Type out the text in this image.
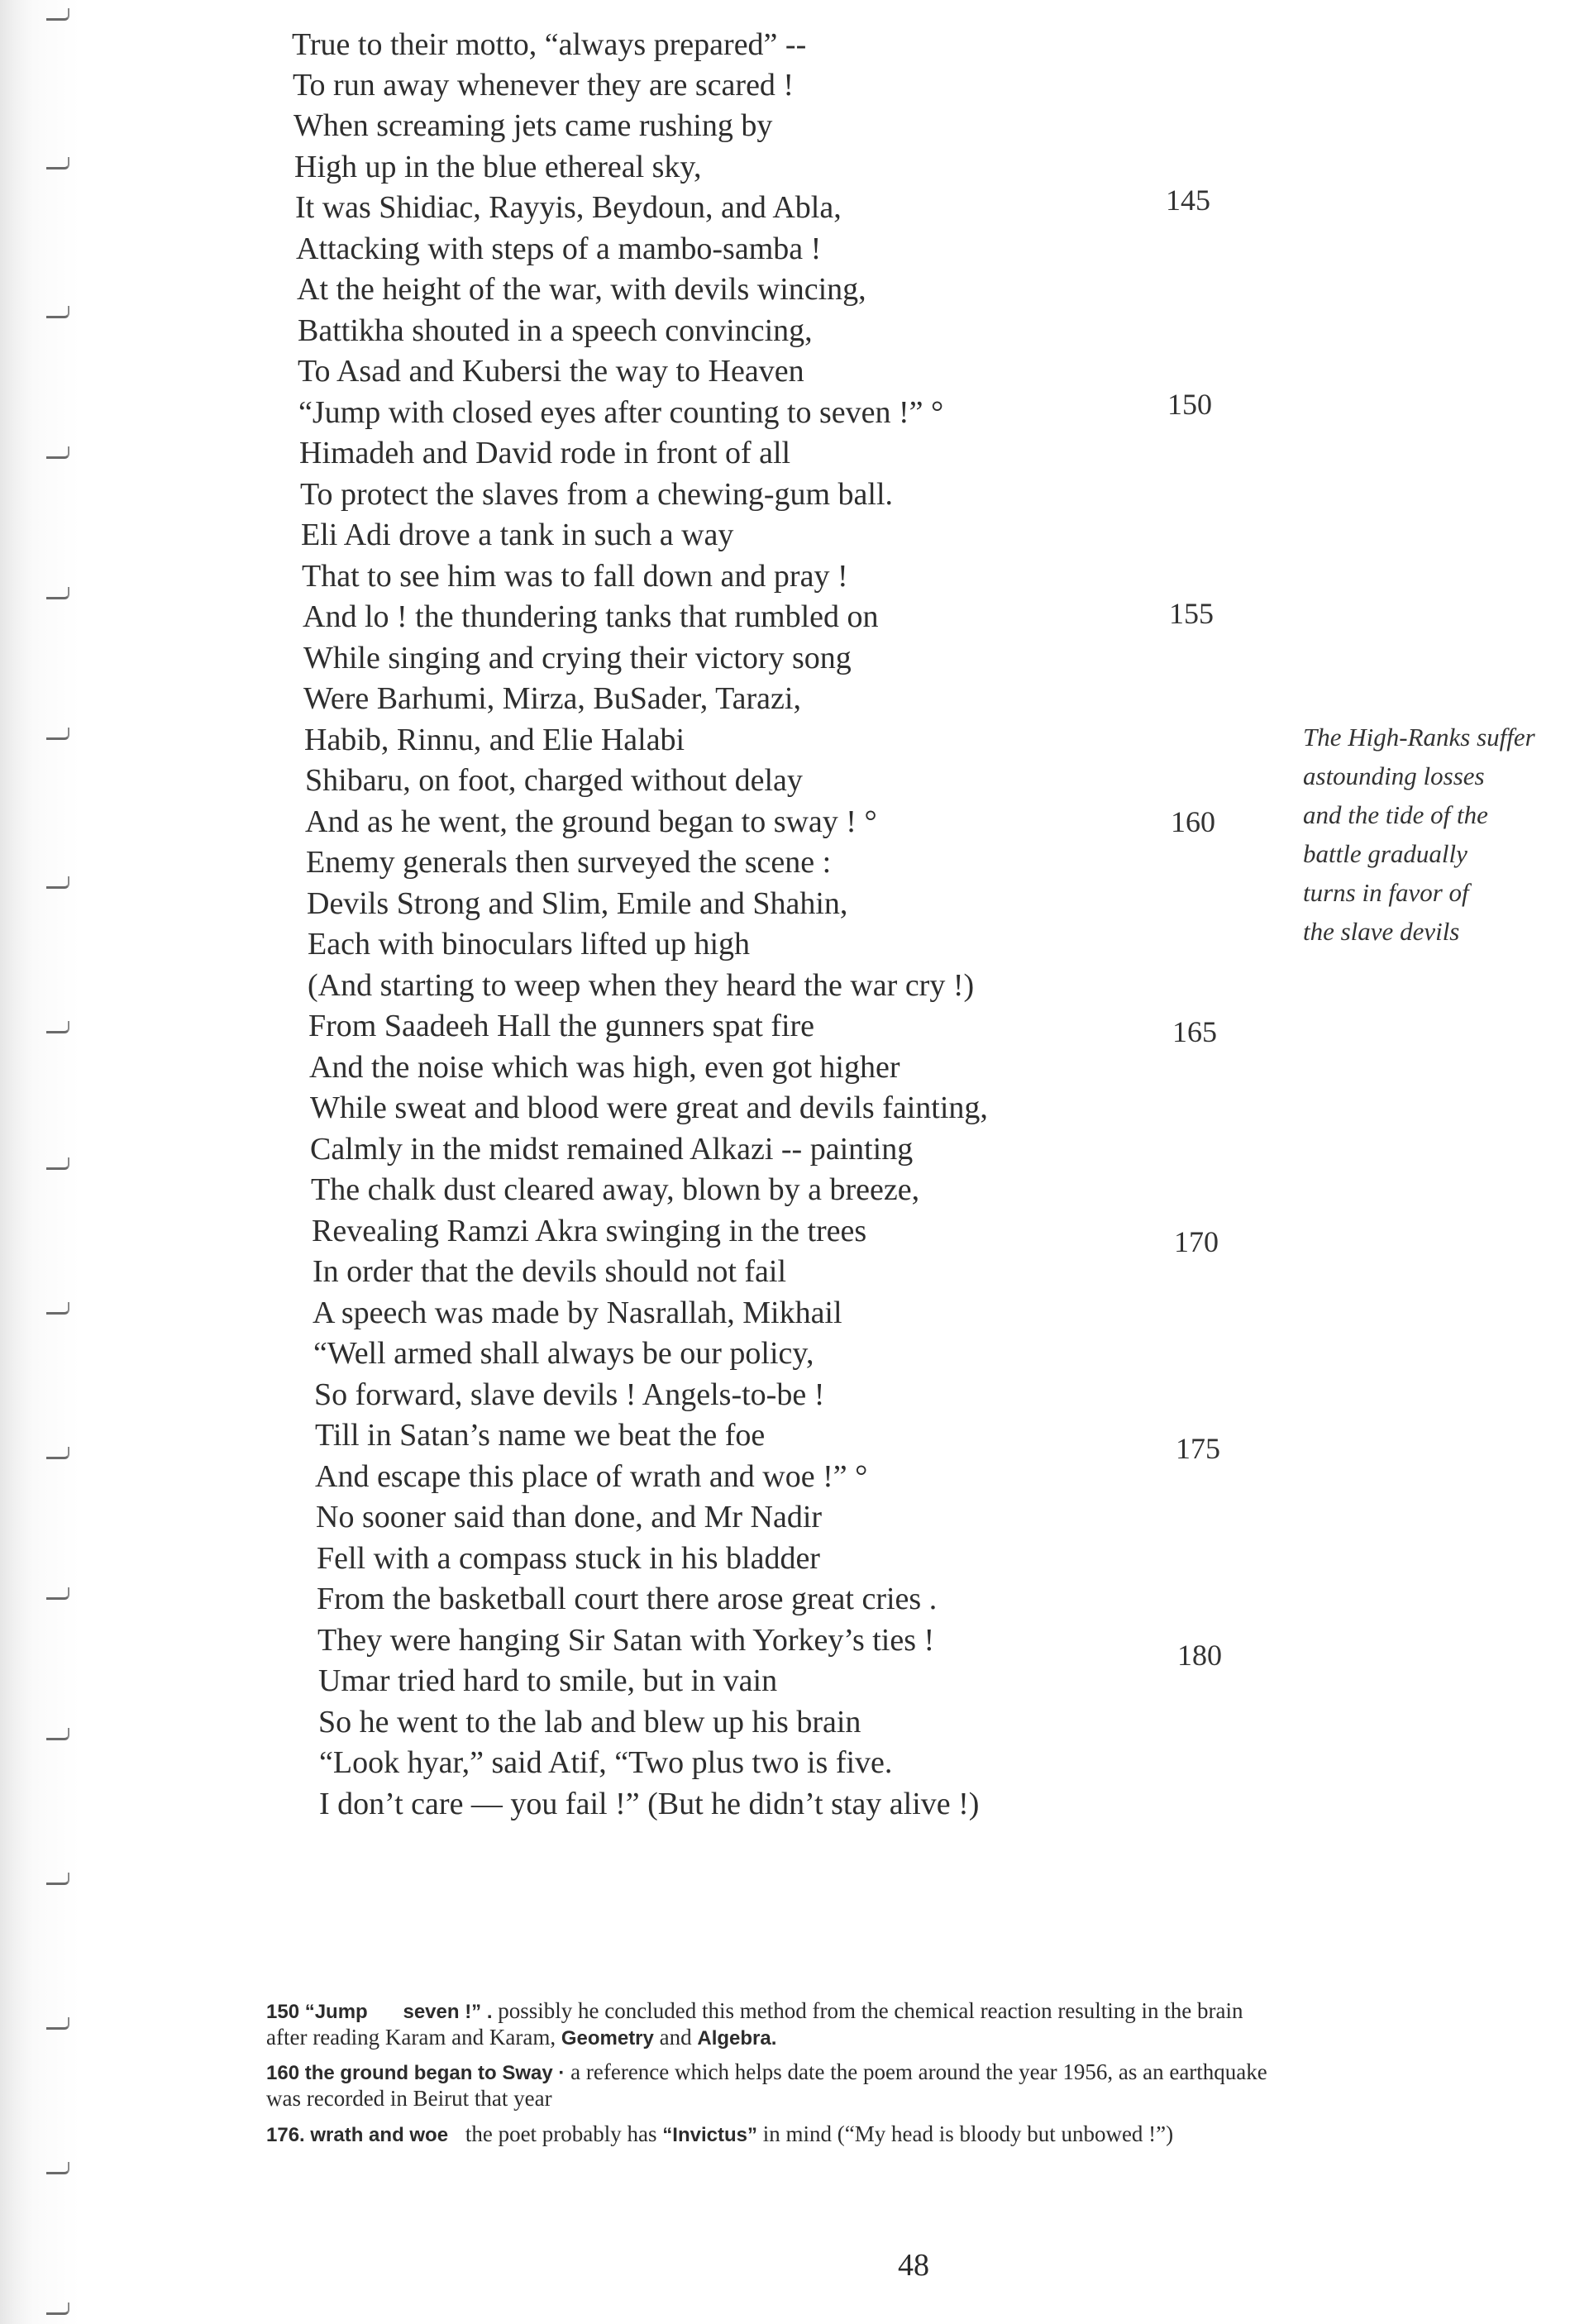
True to their motto, “always prepared” --
To run away whenever they are scared !
When screaming jets came rushing by
High up in the blue ethereal sky,
It was Shidiac, Rayyis, Beydoun, and Abla,
Attacking with steps of a mambo-samba !
At the height of the war, with devils wincing,
Battikha shouted in a speech convincing,
To Asad and Kubersi the way to Heaven
“Jump with closed eyes after counting to seven !” °
Himadeh and David rode in front of all
To protect the slaves from a chewing-gum ball.
Eli Adi drove a tank in such a way
That to see him was to fall down and pray !
And lo ! the thundering tanks that rumbled on
While singing and crying their victory song
Were Barhumi, Mirza, BuSader, Tarazi,
Habib, Rinnu, and Elie Halabi
Shibaru, on foot, charged without delay
And as he went, the ground began to sway ! °
Enemy generals then surveyed the scene :
Devils Strong and Slim, Emile and Shahin,
Each with binoculars lifted up high
(And starting to weep when they heard the war cry !)
From Saadeeh Hall the gunners spat fire
And the noise which was high, even got higher
While sweat and blood were great and devils fainting,
Calmly in the midst remained Alkazi -- painting
The chalk dust cleared away, blown by a breeze,
Revealing Ramzi Akra swinging in the trees
In order that the devils should not fail
A speech was made by Nasrallah, Mikhail
“Well armed shall always be our policy,
So forward, slave devils ! Angels-to-be !
Till in Satan’s name we beat the foe
And escape this place of wrath and woe !” °
No sooner said than done, and Mr Nadir
Fell with a compass stuck in his bladder
From the basketball court there arose great cries .
They were hanging Sir Satan with Yorkey’s ties !
Umar tried hard to smile, but in vain
So he went to the lab and blew up his brain
“Look hyar,” said Atif, “Two plus two is five.
I don’t care — you fail !” (But he didn’t stay alive !)
145
150
155
160
165
170
175
180
The High-Ranks suffer
astounding losses
and the tide of the
battle gradually
turns in favor of
the slave devils
150 “Jump seven !” . possibly he concluded this method from the chemical reaction resulting in the brain
after reading Karam and Karam, Geometry and Algebra.
160 the ground began to Sway · a reference which helps date the poem around the year 1956, as an earthquake
was recorded in Beirut that year
176. wrath and woe the poet probably has “Invictus” in mind (“My head is bloody but unbowed !”)
48
